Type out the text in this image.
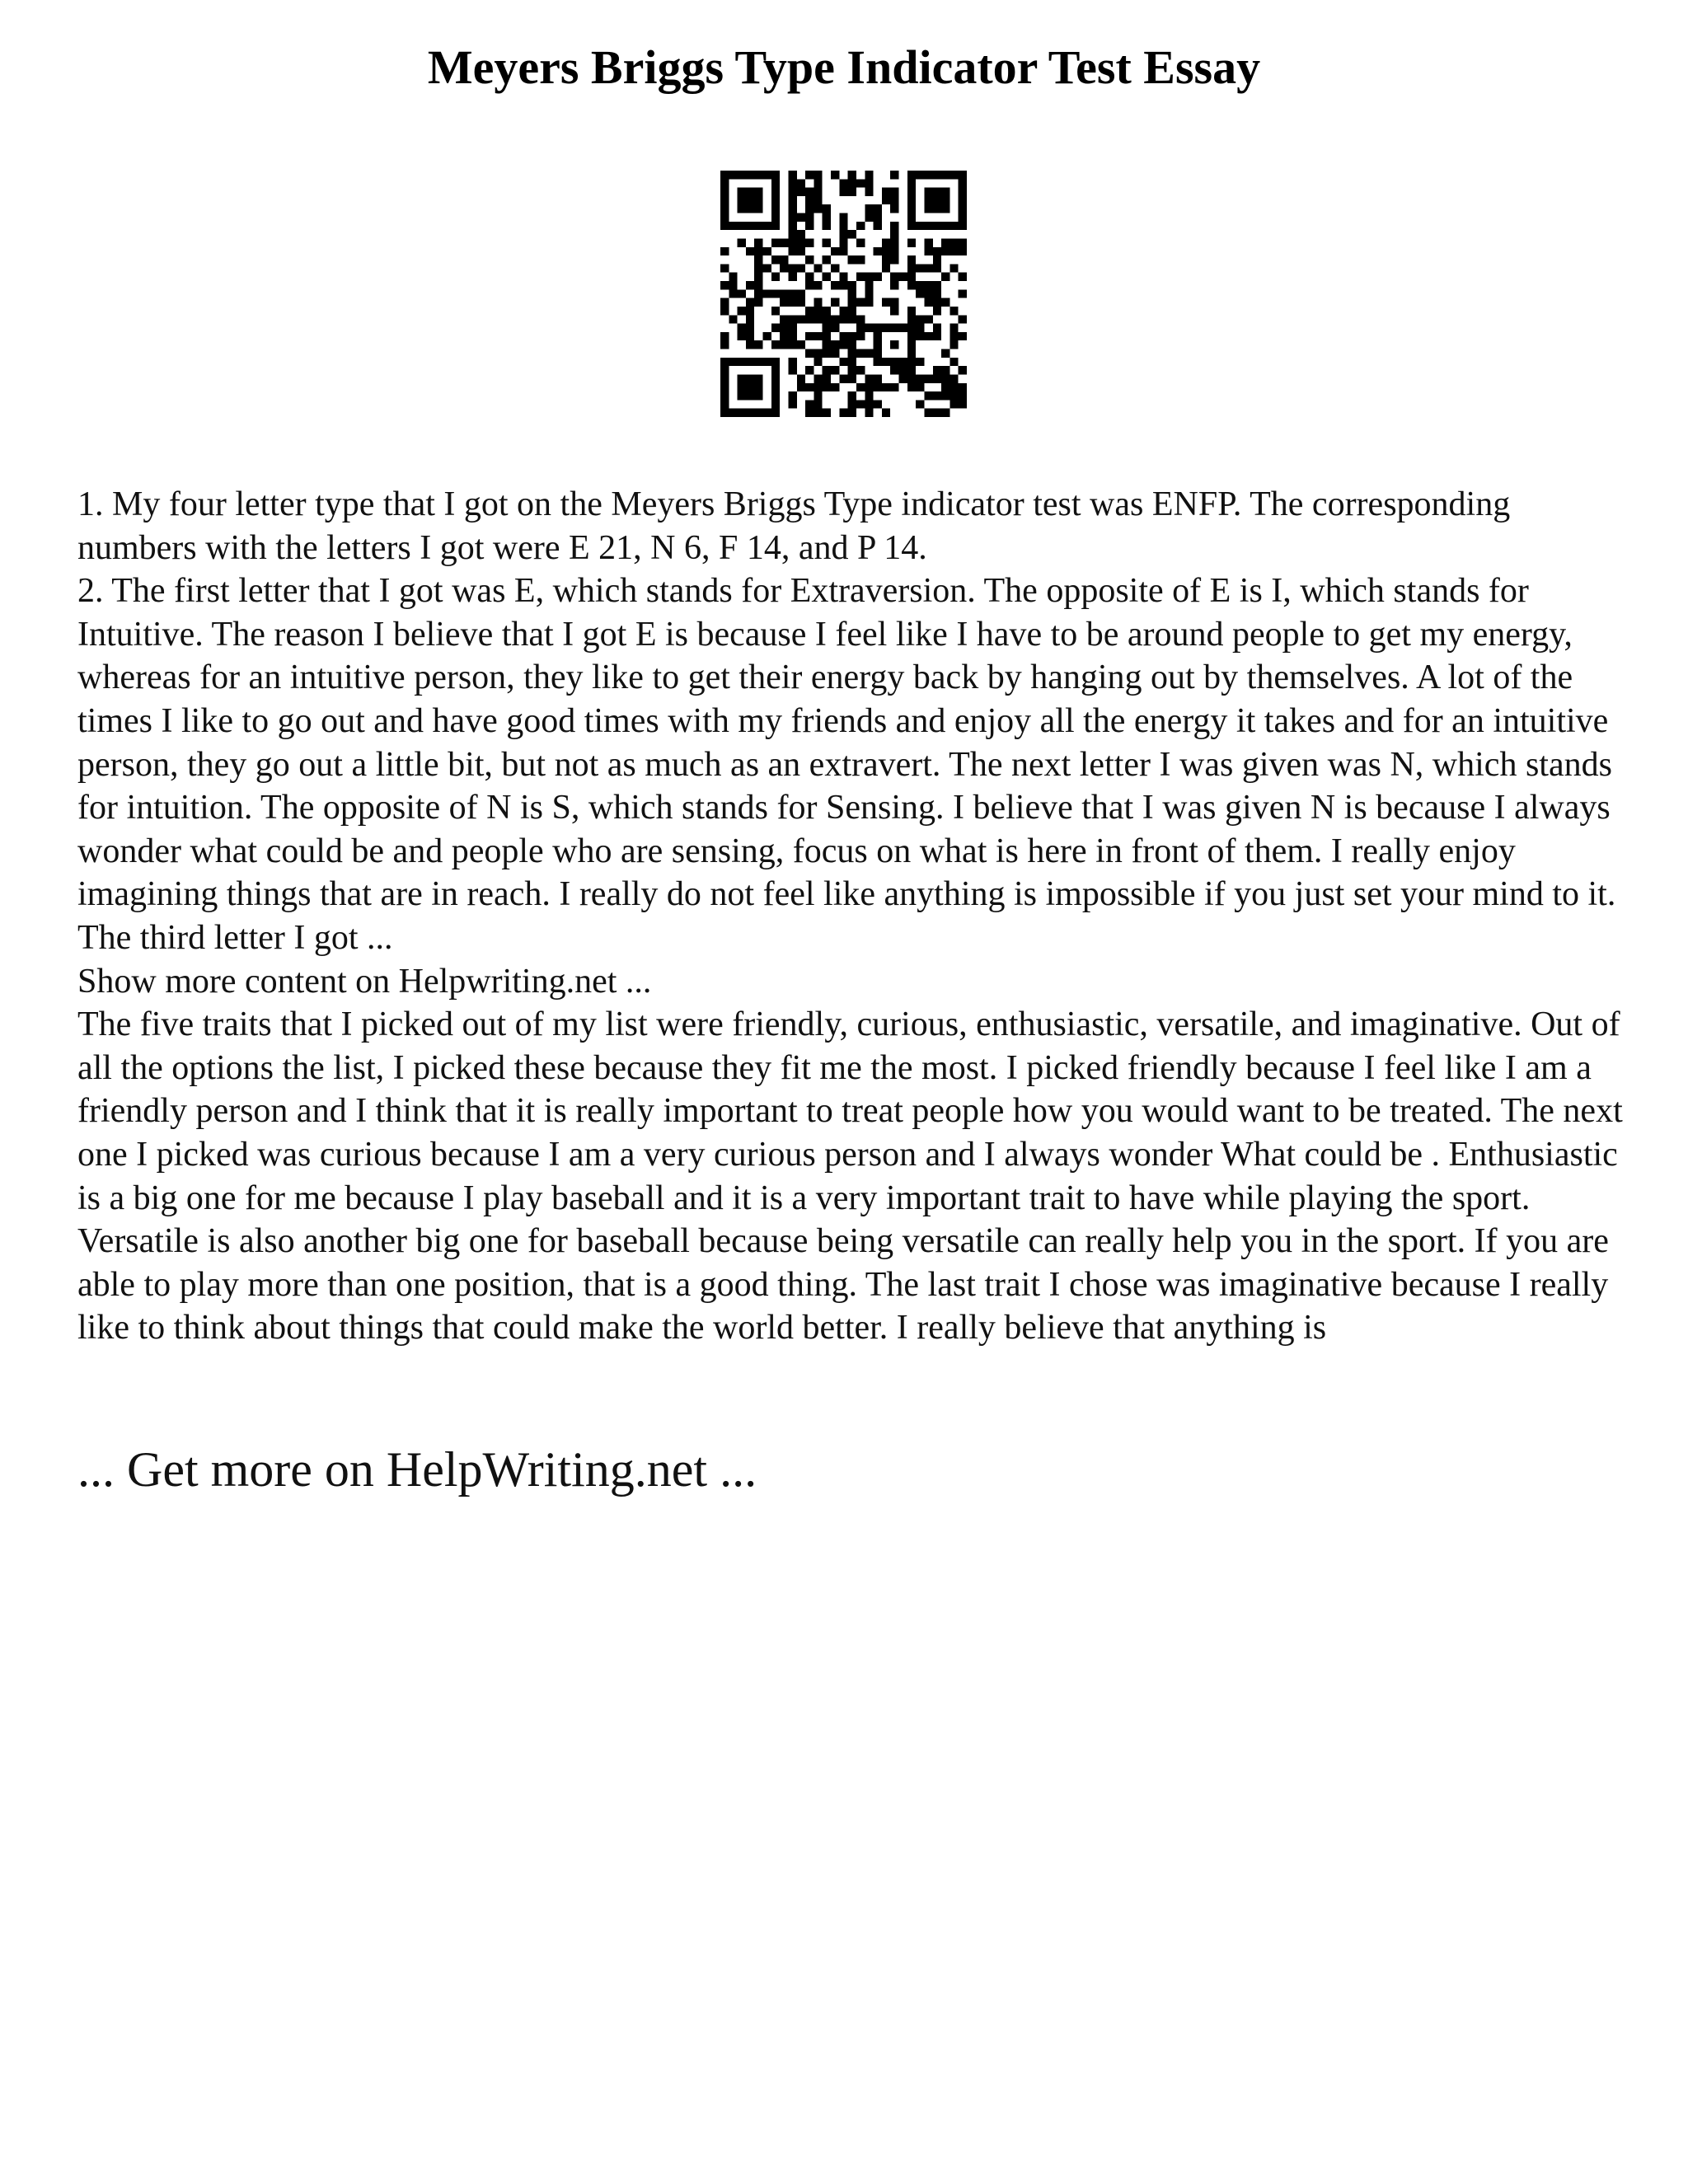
Meyers Briggs Type Indicator Test Essay

1. My four letter type that I got on the Meyers Briggs Type indicator test was ENFP. The corresponding numbers with the letters I got were E 21, N 6, F 14, and P 14.

2. The first letter that I got was E, which stands for Extraversion. The opposite of E is I, which stands for Intuitive. The reason I believe that I got E is because I feel like I have to be around people to get my energy, whereas for an intuitive person, they like to get their energy back by hanging out by themselves. A lot of the times I like to go out and have good times with my friends and enjoy all the energy it takes and for an intuitive person, they go out a little bit, but not as much as an extravert. The next letter I was given was N, which stands for intuition. The opposite of N is S, which stands for Sensing. I believe that I was given N is because I always wonder what could be and people who are sensing, focus on what is here in front of them. I really enjoy imagining things that are in reach. I really do not feel like anything is impossible if you just set your mind to it. The third letter I got ...

Show more content on Helpwriting.net ...

The five traits that I picked out of my list were friendly, curious, enthusiastic, versatile, and imaginative. Out of all the options the list, I picked these because they fit me the most. I picked friendly because I feel like I am a friendly person and I think that it is really important to treat people how you would want to be treated. The next one I picked was curious because I am a very curious person and I always wonder What could be . Enthusiastic is a big one for me because I play baseball and it is a very important trait to have while playing the sport. Versatile is also another big one for baseball because being versatile can really help you in the sport. If you are able to play more than one position, that is a good thing. The last trait I chose was imaginative because I really like to think about things that could make the world better. I really believe that anything is

... Get more on HelpWriting.net ...
